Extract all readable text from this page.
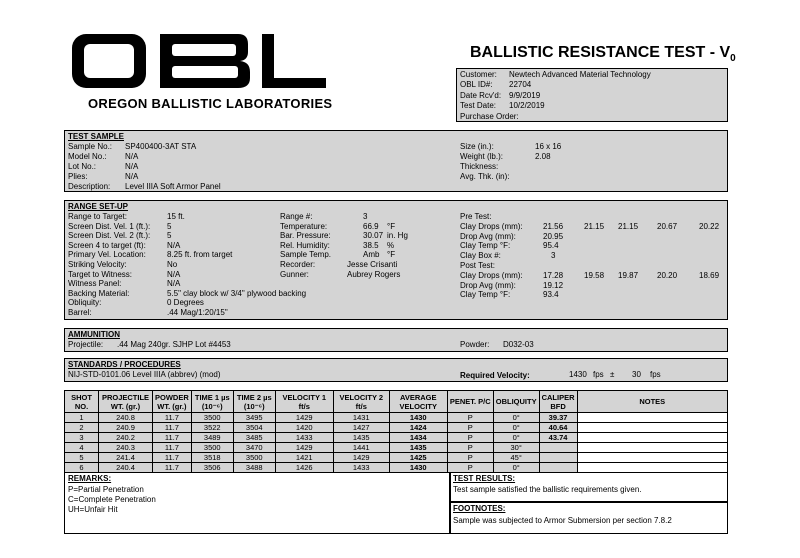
OREGON BALLISTIC LABORATORIES
BALLISTIC RESISTANCE TEST - $V_0$
Customer: Newtech Advanced Material Technology
OBL ID#: 22704
Date Rcv'd: 9/9/2019
Test Date: 10/2/2019
Purchase Order:
TEST SAMPLE
Sample No.: SP400400-3AT STA
Model No.: N/A
Lot No.:	N/A
Plies:	N/A
Description: Level IIIA Soft Armor Panel
Size (in.):	16 x 16
Weight (lb.):	2.08
Thickness:
Avg. Thk. (in):
RANGE SET-UP
Range to Target:	15 ft.
Screen Dist. Vel. 1 (ft.): 5
Screen Dist. Vel. 2 (ft.): 5
Screen 4 to target (ft):	N/A
Primary Vel. Location:	8.25 ft. from target
Striking Velocity:	No
Target to Witness:	N/A
Witness Panel:	N/A
Backing Material:	5.5" clay block w/ 3/4" plywood backing
Obliquity:	0 Degrees
Barrel:	.44 Mag/1:20/15"
Range #:	3
Temperature:	66.9 °F
Bar. Pressure:	30.07 in. Hg
Rel. Humidity:	38.5 %
Sample Temp.	Amb °F
Recorder:	Jesse Crisanti
Gunner:	Aubrey Rogers
Pre Test:
Clay Drops (mm):	21.56	21.15 21.15 20.67	20.22
Drop Avg (mm):	20.95
Clay Temp °F:	95.4
Clay Box #:	3
Post Test:
Clay Drops (mm):	17.28	19.58 19.87 20.20	18.69
Drop Avg (mm):	19.12
Clay Temp °F:	93.4
AMMUNITION
Projectile: .44 Mag 240gr. SJHP Lot #4453	Powder: D032-03
STANDARDS / PROCEDURES
NIJ-STD-0101.06 Level IIIA (abbrev) (mod)	Required Velocity:	1430 fps ± 30 fps
SHOT NO.	PROJECTILE WT. (gr.)	POWDER WT. (gr.)	TIME 1 µs (10⁻⁶)	TIME 2 µs (10⁻⁶)	VELOCITY 1 ft/s	VELOCITY 2 ft/s	AVERAGE VELOCITY	PENET. P/C	OBLIQUITY	CALIPER BFD	NOTES
1	240.8	11.7	3500	3495	1429	1431	1430	P	0°	39.37	
2	240.9	11.7	3522	3504	1420	1427	1424	P	0°	40.64	
3	240.2	11.7	3489	3485	1433	1435	1434	P	0°	43.74	
4	240.3	11.7	3500	3470	1429	1441	1435	P	30°		
5	241.4	11.7	3518	3500	1421	1429	1425	P	45°		
6	240.4	11.7	3506	3488	1426	1433	1430	P	0°		
REMARKS:
P=Partial Penetration
C=Complete Penetration
UH=Unfair Hit
TEST RESULTS:
Test sample satisfied the ballistic requirements given.
FOOTNOTES:
Sample was subjected to Armor Submersion per section 7.8.2
